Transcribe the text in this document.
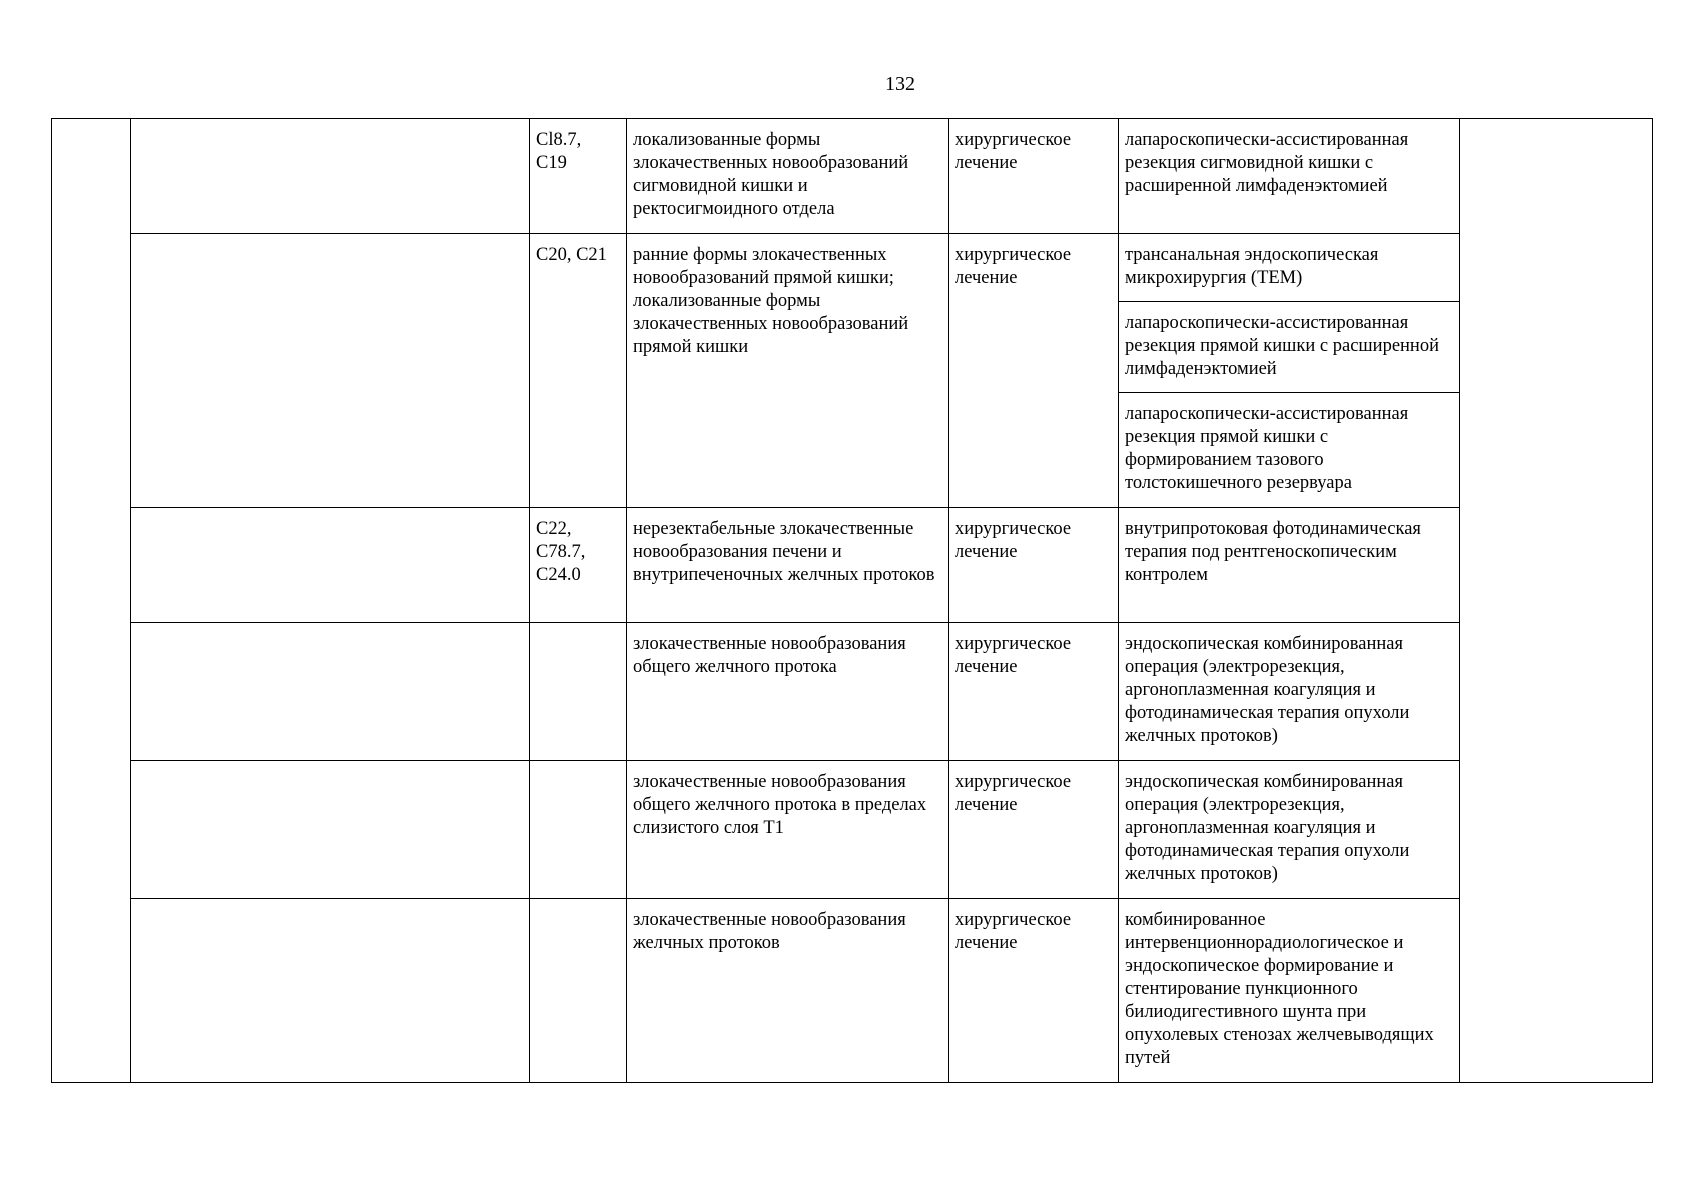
132

		Cl8.7,
C19	локализованные формы злокачественных новообразований сигмовидной кишки и ректосигмоидного отдела	хирургическое лечение	лапароскопически-ассистированная резекция сигмовидной кишки с расширенной лимфаденэктомией	

		C20, C21	ранние формы злокачественных новообразований прямой кишки; локализованные формы злокачественных новообразований прямой кишки	хирургическое лечение	трансанальная эндоскопическая микрохирургия (ТЕМ)	

					лапароскопически-ассистированная резекция прямой кишки с расширенной лимфаденэктомией	

					лапароскопически-ассистированная резекция прямой кишки с формированием тазового толстокишечного резервуара	

		C22,
C78.7,
C24.0	нерезектабельные злокачественные новообразования печени и внутрипеченочных желчных протоков	хирургическое лечение	внутрипротоковая фотодинамическая терапия под рентгеноскопическим контролем	

			злокачественные новообразования общего желчного протока	хирургическое лечение	эндоскопическая комбинированная операция (электрорезекция, аргоноплазменная коагуляция и фотодинамическая терапия опухоли желчных протоков)	

			злокачественные новообразования общего желчного протока в пределах слизистого слоя T1	хирургическое лечение	эндоскопическая комбинированная операция (электрорезекция, аргоноплазменная коагуляция и фотодинамическая терапия опухоли желчных протоков)	

			злокачественные новообразования желчных протоков	хирургическое лечение	комбинированное интервенционнорадиологическое и эндоскопическое формирование и стентирование пункционного билиодигестивного шунта при опухолевых стенозах желчевыводящих путей	
